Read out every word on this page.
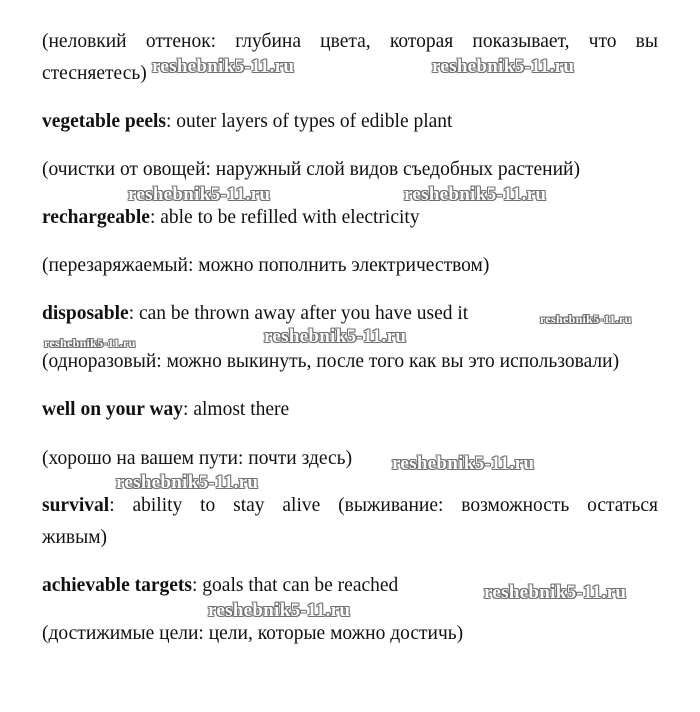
(неловкий оттенок: глубина цвета, которая показывает, что вы
стесняетесь)
vegetable peels: outer layers of types of edible plant
(очистки от овощей: наружный слой видов съедобных растений)
rechargeable: able to be refilled with electricity
(перезаряжаемый: можно пополнить электричеством)
disposable: can be thrown away after you have used it
(одноразовый: можно выкинуть, после того как вы это использовали)
well on your way: almost there
(хорошо на вашем пути: почти здесь)
survival: ability to stay alive (выживание: возможность остаться
живым)
achievable targets: goals that can be reached
(достижимые цели: цели, которые можно достичь)
reshebnik5-11.ru	reshebnik5-11.ru
reshebnik5-11.ru	reshebnik5-11.ru
reshebnik5-11.ru
reshebnik5-11.ru
reshebnik5-11.ru
reshebnik5-11.ru
reshebnik5-11.ru
reshebnik5-11.ru
reshebnik5-11.ru
